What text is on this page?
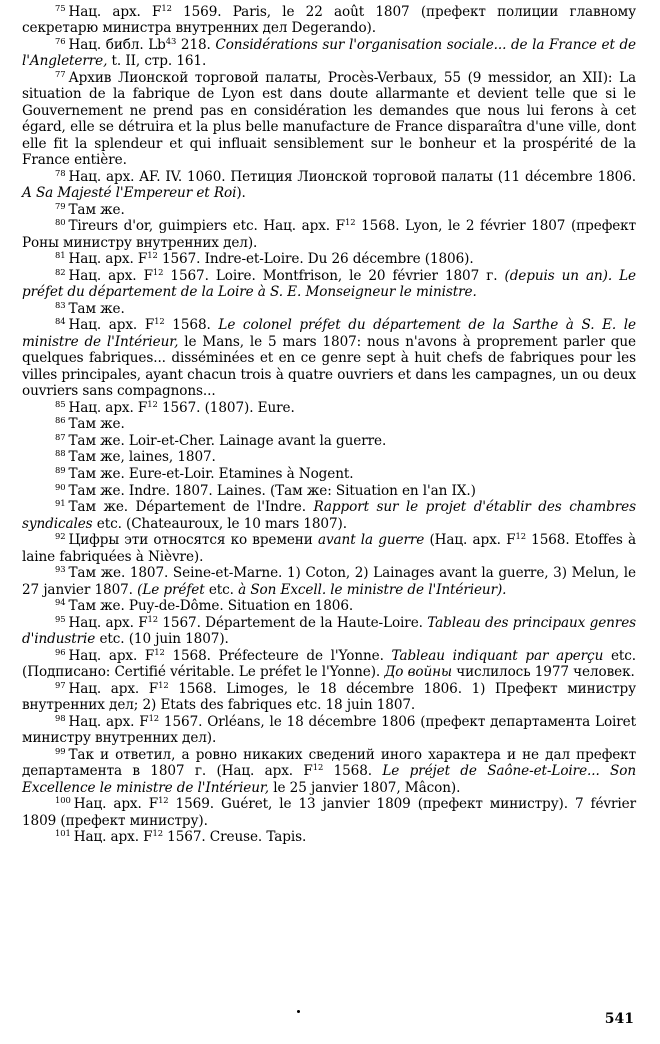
$^{75}$ Нац. арх. $F^{12}$ 1569. Paris, le 22 août 1807 (префект полиции главному секретарю министра внутренних дел Degerando).

$^{76}$ Нац. библ. Lb$^{43}$ 218. Considérations sur l'organisation sociale... de la France et de l'Angleterre, t. II, стр. 161.

$^{77}$ Архив Лионской торговой палаты, Procès-Verbaux, 55 (9 messidor, an XII): La situation de la fabrique de Lyon est dans doute allarmante et devient telle que si le Gouvernement ne prend pas en considération les demandes que nous lui ferons à cet égard, elle se détruira et la plus belle manufacture de France disparaîtra d'une ville, dont elle fit la splendeur et qui influait sensiblement sur le bonheur et la prospérité de la France entière.

$^{78}$ Нац. арх. AF. IV. 1060. Петиция Лионской торговой палаты (11 décembre 1806. A Sa Majesté l'Empereur et Roi).

$^{79}$ Там же.

$^{80}$ Tireurs d'or, guimpiers etc. Нац. арх. $F^{12}$ 1568. Lyon, le 2 février 1807 (префект Роны министру внутренних дел).

$^{81}$ Нац. арх. $F^{12}$ 1567. Indre-et-Loire. Du 26 décembre (1806).

$^{82}$ Нац. арх. $F^{12}$ 1567. Loire. Montfrison, le 20 février 1807 г. (depuis un an). Le préfet du département de la Loire à S. E. Monseigneur le ministre.

$^{83}$ Там же.

$^{84}$ Нац. арх. $F^{12}$ 1568. Le colonel préfet du département de la Sarthe à S. E. le ministre de l'Intérieur, le Mans, le 5 mars 1807: nous n'avons à proprement parler que quelques fabriques... disséminées et en ce genre sept à huit chefs de fabriques pour les villes principales, ayant chacun trois à quatre ouvriers et dans les campagnes, un ou deux ouvriers sans compagnons...

$^{85}$ Нац. арх. $F^{12}$ 1567. (1807). Eure.

$^{86}$ Там же.

$^{87}$ Там же. Loir-et-Cher. Lainage avant la guerre.

$^{88}$ Там же, laines, 1807.

$^{89}$ Там же. Eure-et-Loir. Etamines à Nogent.

$^{90}$ Там же. Indre. 1807. Laines. (Там же: Situation en l'an IX.)

$^{91}$ Там же. Département de l'Indre. Rapport sur le projet d'établir des chambres syndicales etc. (Chateauroux, le 10 mars 1807).

$^{92}$ Цифры эти относятся ко времени avant la guerre (Нац. арх. $F^{12}$ 1568. Etoffes à laine fabriquées à Nièvre).

$^{93}$ Там же. 1807. Seine-et-Marne. 1) Coton, 2) Lainages avant la guerre, 3) Melun, le 27 janvier 1807. (Le préfet etc. à Son Excell. le ministre de l'Intérieur).

$^{94}$ Там же. Puy-de-Dôme. Situation en 1806.

$^{95}$ Нац. арх. $F^{12}$ 1567. Département de la Haute-Loire. Tableau des principaux genres d'industrie etc. (10 juin 1807).

$^{96}$ Нац. арх. $F^{12}$ 1568. Préfecteure de l'Yonne. Tableau indiquant par aperçu etc. (Подписано: Certifié véritable. Le préfet le l'Yonne). До войны числилось 1977 человек.

$^{97}$ Нац. арх. $F^{12}$ 1568. Limoges, le 18 décembre 1806. 1) Префект министру внутренних дел; 2) Etats des fabriques etc. 18 juin 1807.

$^{98}$ Нац. арх. $F^{12}$ 1567. Orléans, le 18 décembre 1806 (префект департамента Loiret министру внутренних дел).

$^{99}$ Так и ответил, а ровно никаких сведений иного характера и не дал префект департамента в 1807 г. (Нац. арх. $F^{12}$ 1568. Le préjet de Saône-et-Loire... Son Excellence le ministre de l'Intérieur, le 25 janvier 1807, Mâcon).

$^{100}$ Нац. арх. $F^{12}$ 1569. Guéret, le 13 janvier 1809 (префект министру). 7 février 1809 (префект министру).

$^{101}$ Нац. арх. $F^{12}$ 1567. Creuse. Tapis.

541
